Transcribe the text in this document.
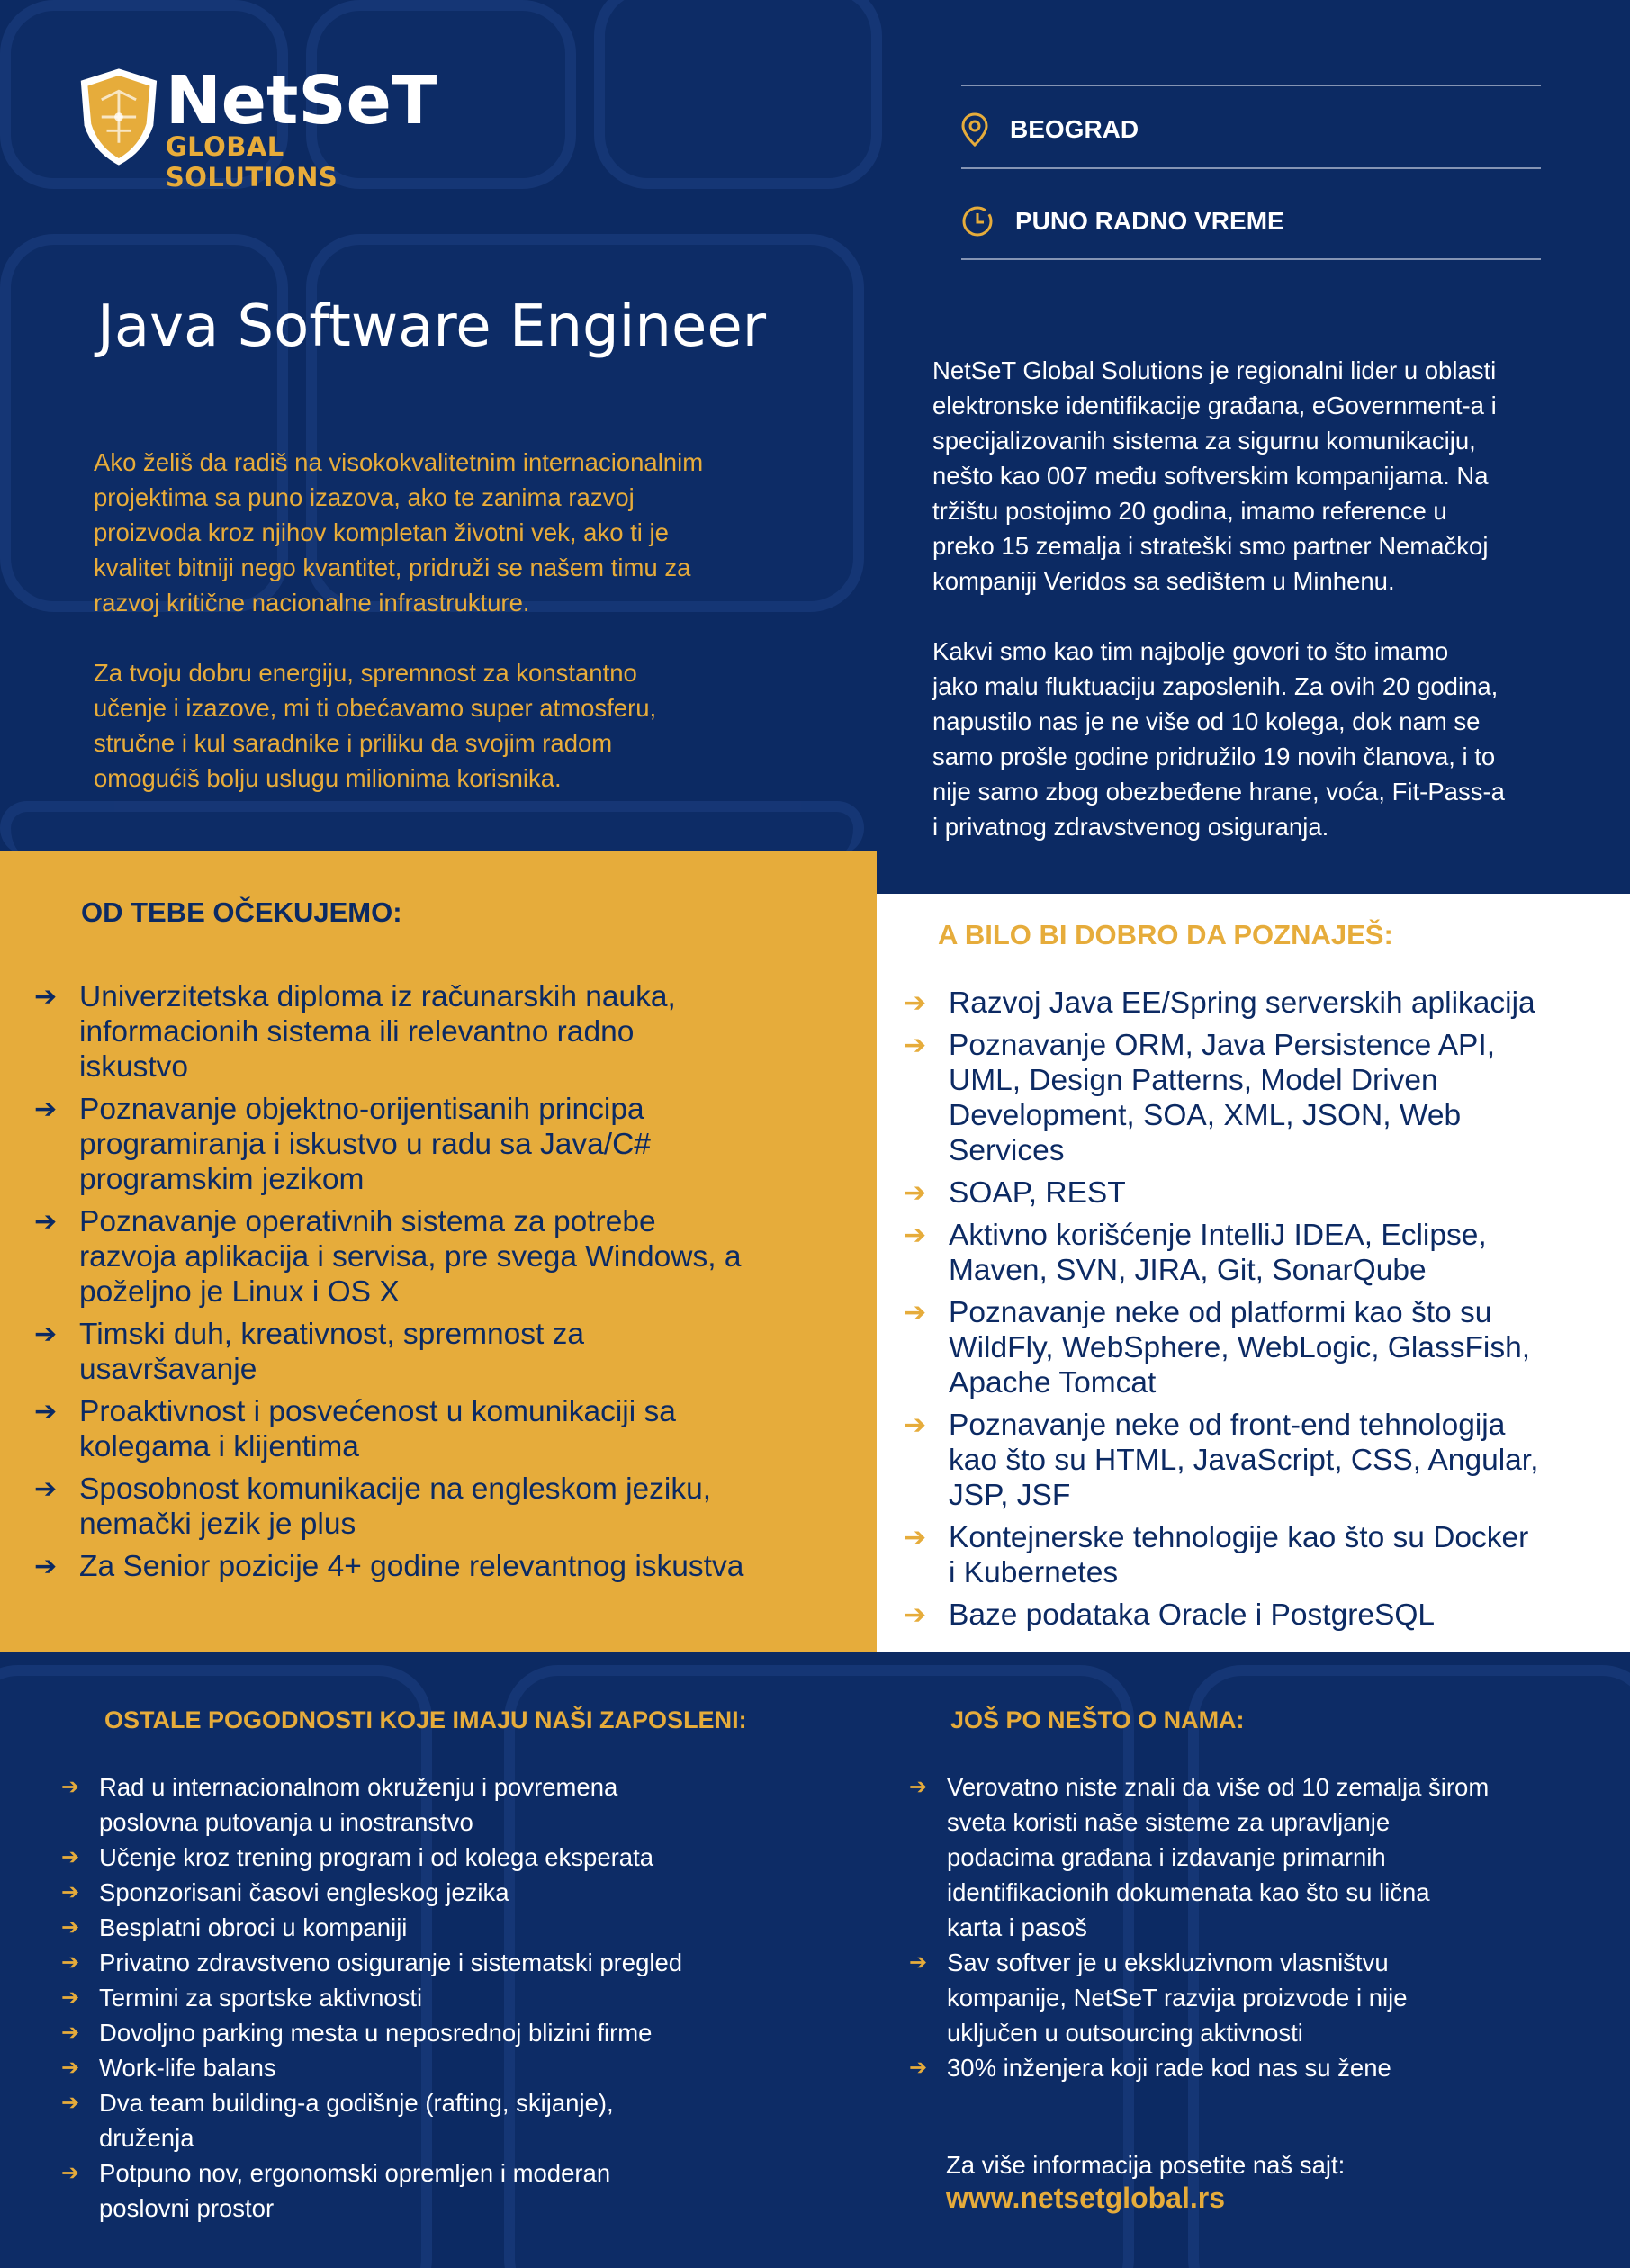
NetSeT
GLOBAL SOLUTIONS
BEOGRAD
PUNO RADNO VREME
Java Software Engineer
Ako želiš da radiš na visokokvalitetnim internacionalnim
projektima sa puno izazova, ako te zanima razvoj
proizvoda kroz njihov kompletan životni vek, ako ti je
kvalitet bitniji nego kvantitet, pridruži se našem timu za
razvoj kritične nacionalne infrastrukture.
Za tvoju dobru energiju, spremnost za konstantno
učenje i izazove, mi ti obećavamo super atmosferu,
stručne i kul saradnike i priliku da svojim radom
omogućiš bolju uslugu milionima korisnika.
NetSeT Global Solutions je regionalni lider u oblasti
elektronske identifikacije građana, eGovernment-a i
specijalizovanih sistema za sigurnu komunikaciju,
nešto kao 007 među softverskim kompanijama. Na
tržištu postojimo 20 godina, imamo reference u
preko 15 zemalja i strateški smo partner Nemačkoj
kompaniji Veridos sa sedištem u Minhenu.
Kakvi smo kao tim najbolje govori to što imamo
jako malu fluktuaciju zaposlenih. Za ovih 20 godina,
napustilo nas je ne više od 10 kolega, dok nam se
samo prošle godine pridružilo 19 novih članova, i to
nije samo zbog obezbeđene hrane, voća, Fit-Pass-a
i privatnog zdravstvenog osiguranja.
OD TEBE OČEKUJEMO:
➔ Univerzitetska diploma iz računarskih nauka,
informacionih sistema ili relevantno radno
iskustvo
➔ Poznavanje objektno-orijentisanih principa
programiranja i iskustvo u radu sa Java/C#
programskim jezikom
➔ Poznavanje operativnih sistema za potrebe
razvoja aplikacija i servisa, pre svega Windows, a
poželjno je Linux i OS X
➔ Timski duh, kreativnost, spremnost za
usavršavanje
➔ Proaktivnost i posvećenost u komunikaciji sa
kolegama i klijentima
➔ Sposobnost komunikacije na engleskom jeziku,
nemački jezik je plus
➔ Za Senior pozicije 4+ godine relevantnog iskustva
A BILO BI DOBRO DA POZNAJEŠ:
➔ Razvoj Java EE/Spring serverskih aplikacija
➔ Poznavanje ORM, Java Persistence API,
UML, Design Patterns, Model Driven
Development, SOA, XML, JSON, Web
Services
➔ SOAP, REST
➔ Aktivno korišćenje IntelliJ IDEA, Eclipse,
Maven, SVN, JIRA, Git, SonarQube
➔ Poznavanje neke od platformi kao što su
WildFly, WebSphere, WebLogic, GlassFish,
Apache Tomcat
➔ Poznavanje neke od front-end tehnologija
kao što su HTML, JavaScript, CSS, Angular,
JSP, JSF
➔ Kontejnerske tehnologije kao što su Docker
i Kubernetes
➔ Baze podataka Oracle i PostgreSQL
OSTALE POGODNOSTI KOJE IMAJU NAŠI ZAPOSLENI:
➔ Rad u internacionalnom okruženju i povremena
poslovna putovanja u inostranstvo
➔ Učenje kroz trening program i od kolega eksperata
➔ Sponzorisani časovi engleskog jezika
➔ Besplatni obroci u kompaniji
➔ Privatno zdravstveno osiguranje i sistematski pregled
➔ Termini za sportske aktivnosti
➔ Dovoljno parking mesta u neposrednoj blizini firme
➔ Work-life balans
➔ Dva team building-a godišnje (rafting, skijanje),
druženja
➔ Potpuno nov, ergonomski opremljen i moderan
poslovni prostor
JOŠ PO NEŠTO O NAMA:
➔ Verovatno niste znali da više od 10 zemalja širom
sveta koristi naše sisteme za upravljanje
podacima građana i izdavanje primarnih
identifikacionih dokumenata kao što su lična
karta i pasoš
➔ Sav softver je u ekskluzivnom vlasništvu
kompanije, NetSeT razvija proizvode i nije
uključen u outsourcing aktivnosti
➔ 30% inženjera koji rade kod nas su žene
Za više informacija posetite naš sajt:
www.netsetglobal.rs
